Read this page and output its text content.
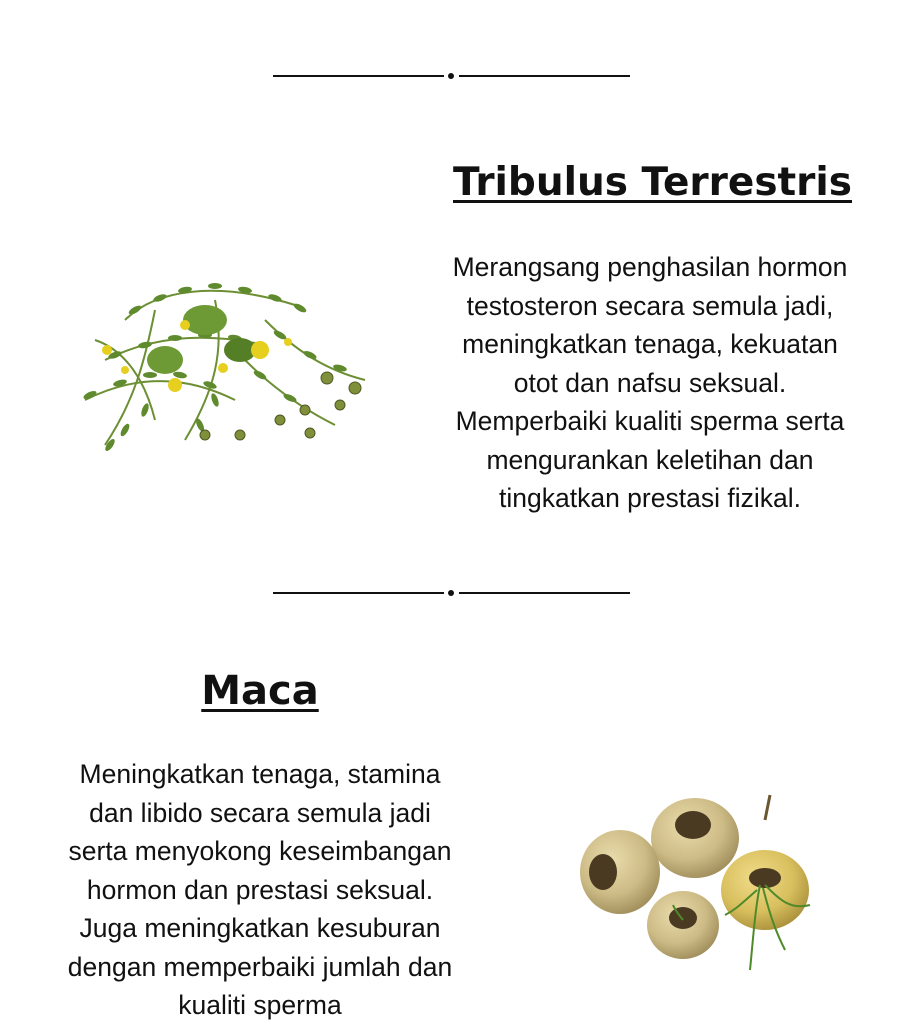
Tribulus Terrestris

Merangsang penghasilan hormon
testosteron secara semula jadi,
meningkatkan tenaga, kekuatan
otot dan nafsu seksual.
Memperbaiki kualiti sperma serta
mengurankan keletihan dan
tingkatkan prestasi fizikal.

Maca

Meningkatkan tenaga, stamina
dan libido secara semula jadi
serta menyokong keseimbangan
hormon dan prestasi seksual.
Juga meningkatkan kesuburan
dengan memperbaiki jumlah dan
kualiti sperma
